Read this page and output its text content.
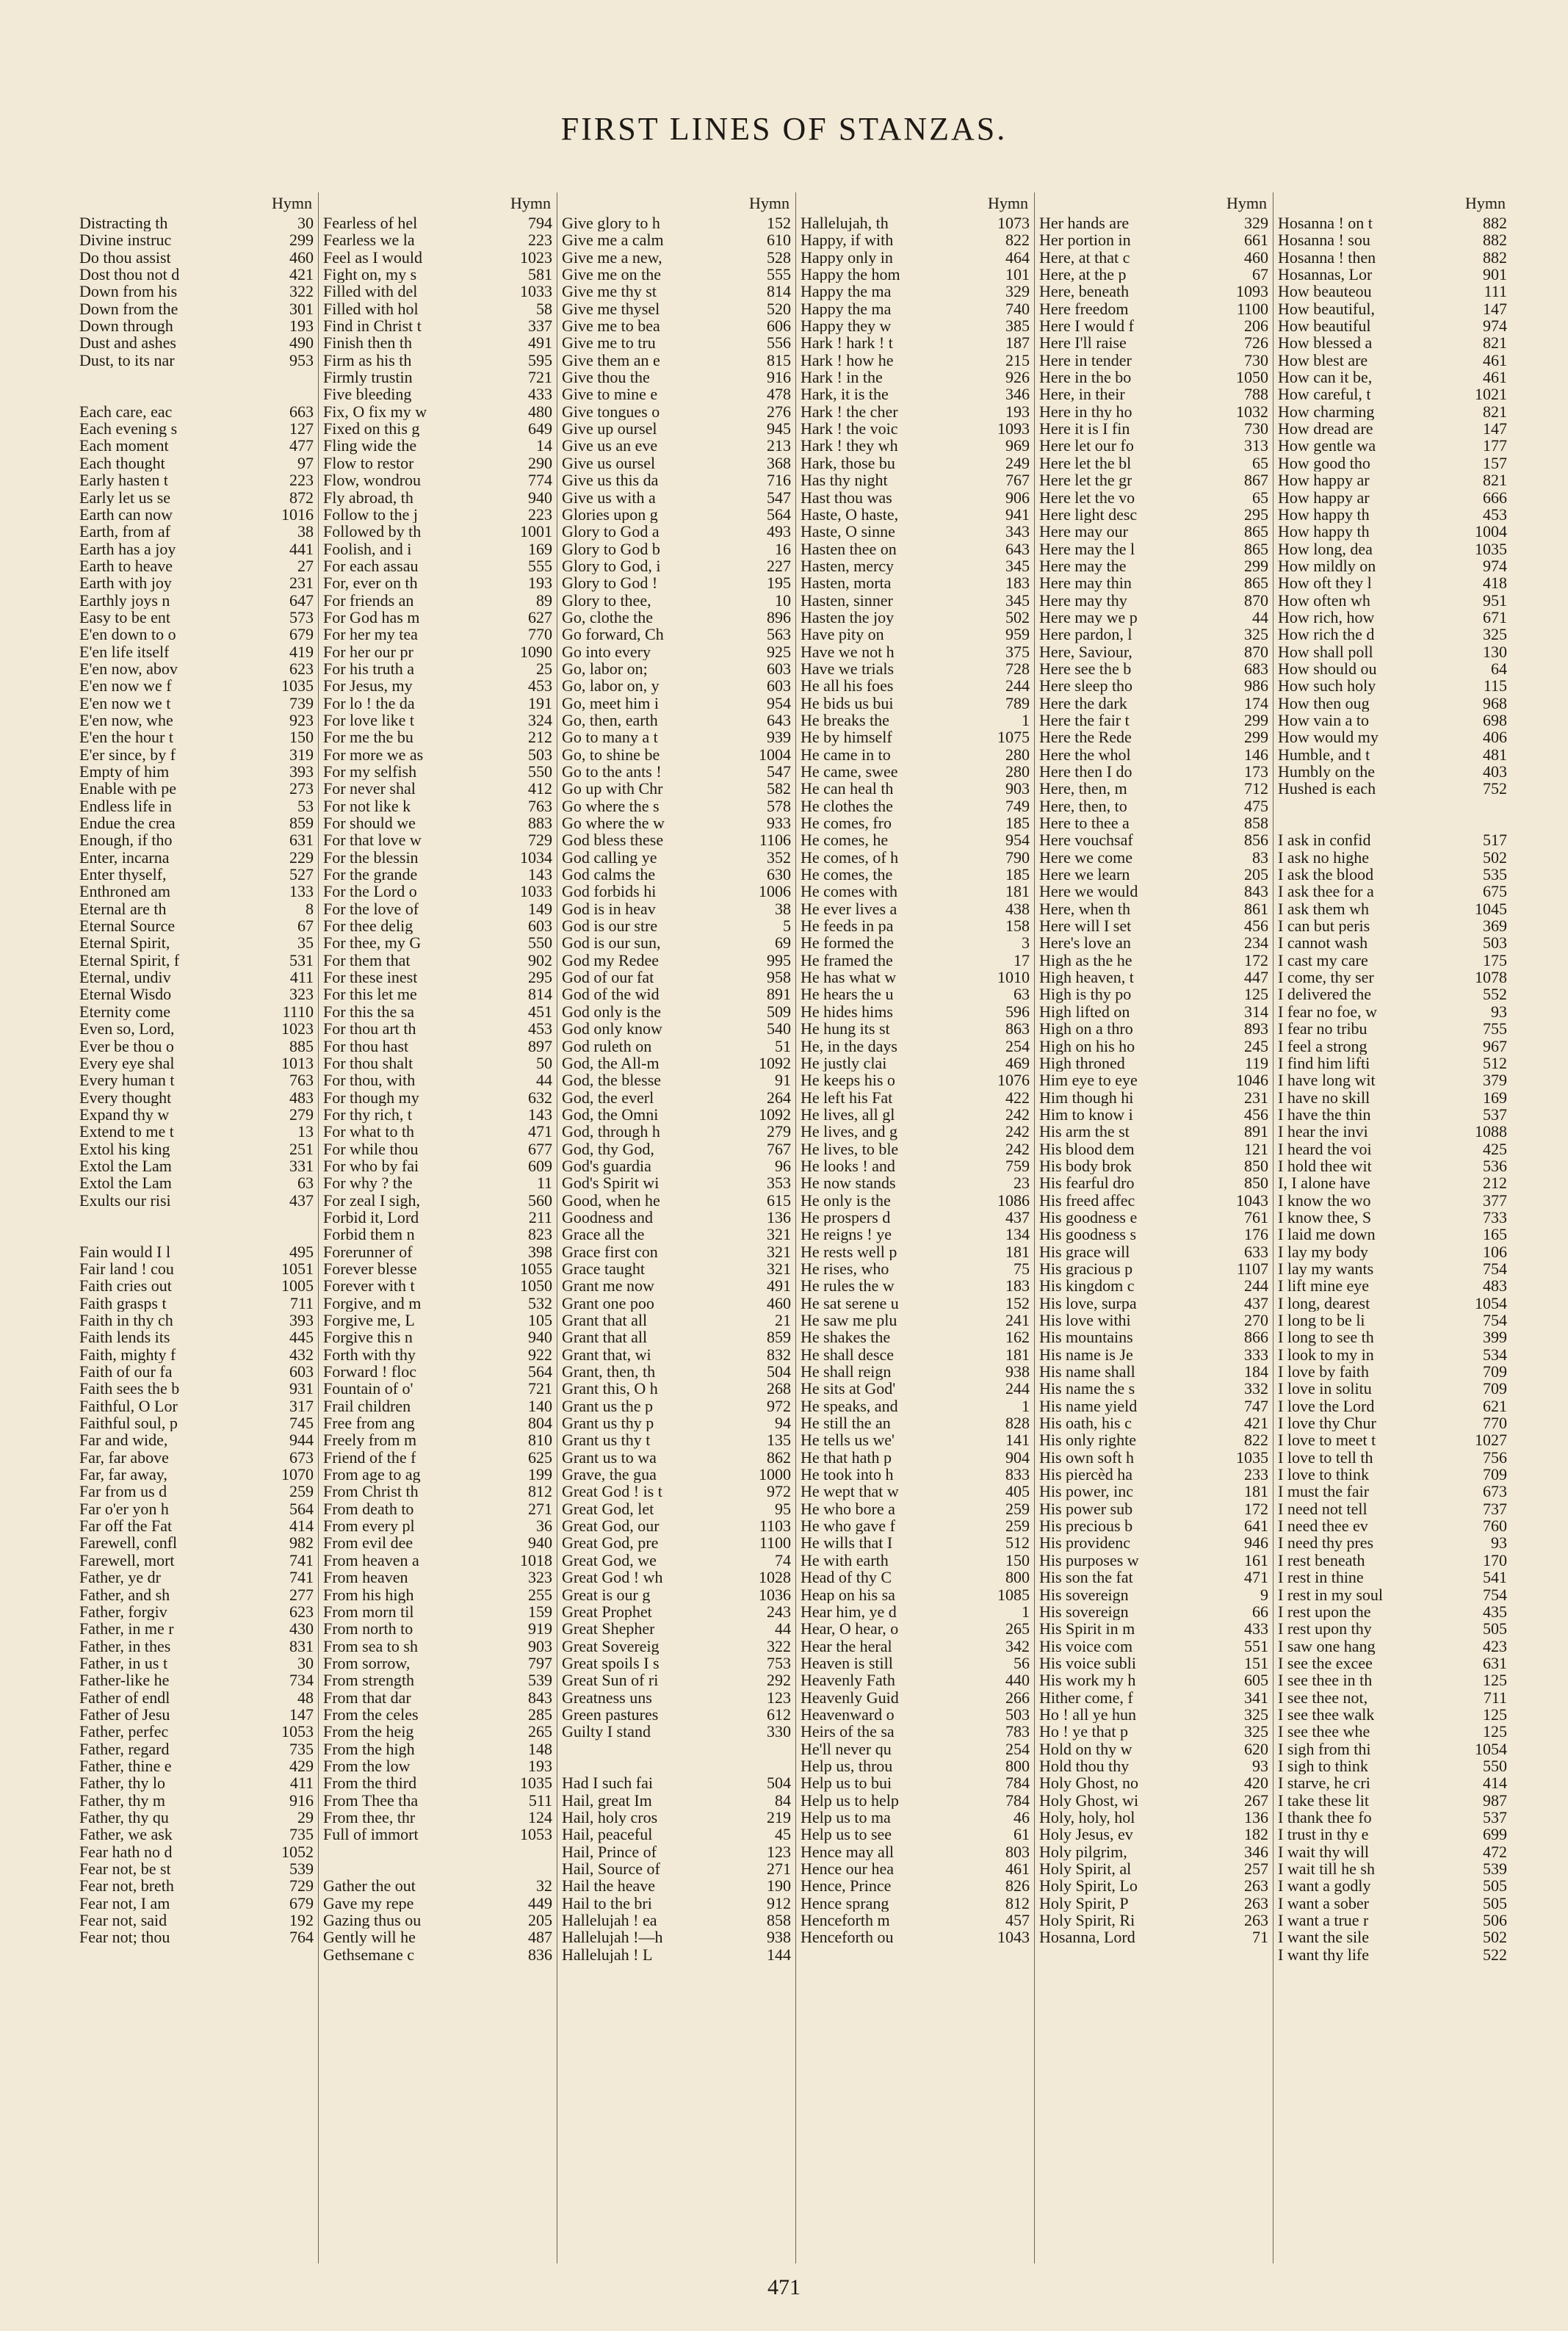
FIRST LINES OF STANZAS.
Hymn
Distracting th	30
Divine instruc	299
Do thou assist	460
Dost thou not d	421
Down from his	322
Down from the	301
Down through	193
Dust and ashes	490
Dust, to its nar	953
Each care, eac	663
Each evening s	127
Each moment	477
Each thought	97
Early hasten t	223
Early let us se	872
Earth can now	1016
Earth, from af	38
Earth has a joy	441
Earth to heave	27
Earth with joy	231
Earthly joys n	647
Easy to be ent	573
E'en down to o	679
E'en life itself	419
E'en now, abov	623
E'en now we f	1035
E'en now we t	739
E'en now, whe	923
E'en the hour t	150
E'er since, by f	319
Empty of him	393
Enable with pe	273
Endless life in	53
Endue the crea	859
Enough, if tho	631
Enter, incarna	229
Enter thyself,	527
Enthroned am	133
Eternal are th	8
Eternal Source	67
Eternal Spirit,	35
Eternal Spirit, f	531
Eternal, undiv	411
Eternal Wisdo	323
Eternity come	1110
Even so, Lord,	1023
Ever be thou o	885
Every eye shal	1013
Every human t	763
Every thought	483
Expand thy w	279
Extend to me t	13
Extol his king	251
Extol the Lam	331
Extol the Lam	63
Exults our risi	437
Fain would I l	495
Fair land ! cou	1051
Faith cries out	1005
Faith grasps t	711
Faith in thy ch	393
Faith lends its	445
Faith, mighty f	432
Faith of our fa	603
Faith sees the b	931
Faithful, O Lor	317
Faithful soul, p	745
Far and wide,	944
Far, far above	673
Far, far away,	1070
Far from us d	259
Far o'er yon h	564
Far off the Fat	414
Farewell, confl	982
Farewell, mort	741
Father, ye dr	741
Father, and sh	277
Father, forgiv	623
Father, in me r	430
Father, in thes	831
Father, in us t	30
Father-like he	734
Father of endl	48
Father of Jesu	147
Father, perfec	1053
Father, regard	735
Father, thine e	429
Father, thy lo	411
Father, thy m	916
Father, thy qu	29
Father, we ask	735
Fear hath no d	1052
Fear not, be st	539
Fear not, breth	729
Fear not, I am	679
Fear not, said	192
Fear not; thou	764
Hymn
Fearless of hel	794
Fearless we la	223
Feel as I would	1023
Fight on, my s	581
Filled with del	1033
Filled with hol	58
Find in Christ t	337
Finish then th	491
Firm as his th	595
Firmly trustin	721
Five bleeding	433
Fix, O fix my w	480
Fixed on this g	649
Fling wide the	14
Flow to restor	290
Flow, wondrou	774
Fly abroad, th	940
Follow to the j	223
Followed by th	1001
Foolish, and i	169
For each assau	555
For, ever on th	193
For friends an	89
For God has m	627
For her my tea	770
For her our pr	1090
For his truth a	25
For Jesus, my	453
For lo ! the da	191
For love like t	324
For me the bu	212
For more we as	503
For my selfish	550
For never shal	412
For not like k	763
For should we	883
For that love w	729
For the blessin	1034
For the grande	143
For the Lord o	1033
For the love of	149
For thee delig	603
For thee, my G	550
For them that	902
For these inest	295
For this let me	814
For this the sa	451
For thou art th	453
For thou hast	897
For thou shalt	50
For thou, with	44
For though my	632
For thy rich, t	143
For what to th	471
For while thou	677
For who by fai	609
For why ? the	11
For zeal I sigh,	560
Forbid it, Lord	211
Forbid them n	823
Forerunner of	398
Forever blesse	1055
Forever with t	1050
Forgive, and m	532
Forgive me, L	105
Forgive this n	940
Forth with thy	922
Forward ! floc	564
Fountain of o'	721
Frail children	140
Free from ang	804
Freely from m	810
Friend of the f	625
From age to ag	199
From Christ th	812
From death to	271
From every pl	36
From evil dee	940
From heaven a	1018
From heaven	323
From his high	255
From morn til	159
From north to	919
From sea to sh	903
From sorrow,	797
From strength	539
From that dar	843
From the celes	285
From the heig	265
From the high	148
From the low	193
From the third	1035
From Thee tha	511
From thee, thr	124
Full of immort	1053
Gather the out	32
Gave my repe	449
Gazing thus ou	205
Gently will he	487
Gethsemane c	836
Hymn
Give glory to h	152
Give me a calm	610
Give me a new,	528
Give me on the	555
Give me thy st	814
Give me thysel	520
Give me to bea	606
Give me to tru	556
Give them an e	815
Give thou the	916
Give to mine e	478
Give tongues o	276
Give up oursel	945
Give us an eve	213
Give us oursel	368
Give us this da	716
Give us with a	547
Glories upon g	564
Glory to God a	493
Glory to God b	16
Glory to God, i	227
Glory to God !	195
Glory to thee,	10
Go, clothe the	896
Go forward, Ch	563
Go into every	925
Go, labor on;	603
Go, labor on, y	603
Go, meet him i	954
Go, then, earth	643
Go to many a t	939
Go, to shine be	1004
Go to the ants !	547
Go up with Chr	582
Go where the s	578
Go where the w	933
God bless these	1106
God calling ye	352
God calms the	630
God forbids hi	1006
God is in heav	38
God is our stre	5
God is our sun,	69
God my Redee	995
God of our fat	958
God of the wid	891
God only is the	509
God only know	540
God ruleth on	51
God, the All-m	1092
God, the blesse	91
God, the everl	264
God, the Omni	1092
God, through h	279
God, thy God,	767
God's guardia	96
God's Spirit wi	353
Good, when he	615
Goodness and	136
Grace all the	321
Grace first con	321
Grace taught	321
Grant me now	491
Grant one poo	460
Grant that all	21
Grant that all	859
Grant that, wi	832
Grant, then, th	504
Grant this, O h	268
Grant us the p	972
Grant us thy p	94
Grant us thy t	135
Grant us to wa	862
Grave, the gua	1000
Great God ! is t	972
Great God, let	95
Great God, our	1103
Great God, pre	1100
Great God, we	74
Great God ! wh	1028
Great is our g	1036
Great Prophet	243
Great Shepher	44
Great Sovereig	322
Great spoils I s	753
Great Sun of ri	292
Greatness uns	123
Green pastures	612
Guilty I stand	330
Had I such fai	504
Hail, great Im	84
Hail, holy cros	219
Hail, peaceful	45
Hail, Prince of	123
Hail, Source of	271
Hail the heave	190
Hail to the bri	912
Hallelujah ! ea	858
Hallelujah !—h	938
Hallelujah ! L	144
Hymn
Hallelujah, th	1073
Happy, if with	822
Happy only in	464
Happy the hom	101
Happy the ma	329
Happy the ma	740
Happy they w	385
Hark ! hark ! t	187
Hark ! how he	215
Hark ! in the	926
Hark, it is the	346
Hark ! the cher	193
Hark ! the voic	1093
Hark ! they wh	969
Hark, those bu	249
Has thy night	767
Hast thou was	906
Haste, O haste,	941
Haste, O sinne	343
Hasten thee on	643
Hasten, mercy	345
Hasten, morta	183
Hasten, sinner	345
Hasten the joy	502
Have pity on	959
Have we not h	375
Have we trials	728
He all his foes	244
He bids us bui	789
He breaks the	1
He by himself	1075
He came in to	280
He came, swee	280
He can heal th	903
He clothes the	749
He comes, fro	185
He comes, he	954
He comes, of h	790
He comes, the	185
He comes with	181
He ever lives a	438
He feeds in pa	158
He formed the	3
He framed the	17
He has what w	1010
He hears the u	63
He hides hims	596
He hung its st	863
He, in the days	254
He justly clai	469
He keeps his o	1076
He left his Fat	422
He lives, all gl	242
He lives, and g	242
He lives, to ble	242
He looks ! and	759
He now stands	23
He only is the	1086
He prospers d	437
He reigns ! ye	134
He rests well p	181
He rises, who	75
He rules the w	183
He sat serene u	152
He saw me plu	241
He shakes the	162
He shall desce	181
He shall reign	938
He sits at God'	244
He speaks, and	1
He still the an	828
He tells us we'	141
He that hath p	904
He took into h	833
He wept that w	405
He who bore a	259
He who gave f	259
He wills that I	512
He with earth	150
Head of thy C	800
Heap on his sa	1085
Hear him, ye d	1
Hear, O hear, o	265
Hear the heral	342
Heaven is still	56
Heavenly Fath	440
Heavenly Guid	266
Heavenward o	503
Heirs of the sa	783
He'll never qu	254
Help us, throu	800
Help us to bui	784
Help us to help	784
Help us to ma	46
Help us to see	61
Hence may all	803
Hence our hea	461
Hence, Prince	826
Hence sprang	812
Henceforth m	457
Henceforth ou	1043
Hymn
Her hands are	329
Her portion in	661
Here, at that c	460
Here, at the p	67
Here, beneath	1093
Here freedom	1100
Here I would f	206
Here I'll raise	726
Here in tender	730
Here in the bo	1050
Here, in their	788
Here in thy ho	1032
Here it is I fin	730
Here let our fo	313
Here let the bl	65
Here let the gr	867
Here let the vo	65
Here light desc	295
Here may our	865
Here may the l	865
Here may the	299
Here may thin	865
Here may thy	870
Here may we p	44
Here pardon, l	325
Here, Saviour,	870
Here see the b	683
Here sleep tho	986
Here the dark	174
Here the fair t	299
Here the Rede	299
Here the whol	146
Here then I do	173
Here, then, m	712
Here, then, to	475
Here to thee a	858
Here vouchsaf	856
Here we come	83
Here we learn	205
Here we would	843
Here, when th	861
Here will I set	456
Here's love an	234
High as the he	172
High heaven, t	447
High is thy po	125
High lifted on	314
High on a thro	893
High on his ho	245
High throned	119
Him eye to eye	1046
Him though hi	231
Him to know i	456
His arm the st	891
His blood dem	121
His body brok	850
His fearful dro	850
His freed affec	1043
His goodness e	761
His goodness s	176
His grace will	633
His gracious p	1107
His kingdom c	244
His love, surpa	437
His love withi	270
His mountains	866
His name is Je	333
His name shall	184
His name the s	332
His name yield	747
His oath, his c	421
His only righte	822
His own soft h	1035
His piercèd ha	233
His power, inc	181
His power sub	172
His precious b	641
His providenc	946
His purposes w	161
His son the fat	471
His sovereign	9
His sovereign	66
His Spirit in m	433
His voice com	551
His voice subli	151
His work my h	605
Hither come, f	341
Ho ! all ye hun	325
Ho ! ye that p	325
Hold on thy w	620
Hold thou thy	93
Holy Ghost, no	420
Holy Ghost, wi	267
Holy, holy, hol	136
Holy Jesus, ev	182
Holy pilgrim,	346
Holy Spirit, al	257
Holy Spirit, Lo	263
Holy Spirit, P	263
Holy Spirit, Ri	263
Hosanna, Lord	71
Hymn
Hosanna ! on t	882
Hosanna ! sou	882
Hosanna ! then	882
Hosannas, Lor	901
How beauteou	111
How beautiful,	147
How beautiful	974
How blessed a	821
How blest are	461
How can it be,	461
How careful, t	1021
How charming	821
How dread are	147
How gentle wa	177
How good tho	157
How happy ar	821
How happy ar	666
How happy th	453
How happy th	1004
How long, dea	1035
How mildly on	974
How oft they l	418
How often wh	951
How rich, how	671
How rich the d	325
How shall poll	130
How should ou	64
How such holy	115
How then oug	968
How vain a to	698
How would my	406
Humble, and t	481
Humbly on the	403
Hushed is each	752
I ask in confid	517
I ask no highe	502
I ask the blood	535
I ask thee for a	675
I ask them wh	1045
I can but peris	369
I cannot wash	503
I cast my care	175
I come, thy ser	1078
I delivered the	552
I fear no foe, w	93
I fear no tribu	755
I feel a strong	967
I find him lifti	512
I have long wit	379
I have no skill	169
I have the thin	537
I hear the invi	1088
I heard the voi	425
I hold thee wit	536
I, I alone have	212
I know the wo	377
I know thee, S	733
I laid me down	165
I lay my body	106
I lay my wants	754
I lift mine eye	483
I long, dearest	1054
I long to be li	754
I long to see th	399
I look to my in	534
I love by faith	709
I love in solitu	709
I love the Lord	621
I love thy Chur	770
I love to meet t	1027
I love to tell th	756
I love to think	709
I must the fair	673
I need not tell	737
I need thee ev	760
I need thy pres	93
I rest beneath	170
I rest in thine	541
I rest in my soul	754
I rest upon the	435
I rest upon thy	505
I saw one hang	423
I see the excee	631
I see thee in th	125
I see thee not,	711
I see thee walk	125
I see thee whe	125
I sigh from thi	1054
I sigh to think	550
I starve, he cri	414
I take these lit	987
I thank thee fo	537
I trust in thy e	699
I wait thy will	472
I wait till he sh	539
I want a godly	505
I want a sober	505
I want a true r	506
I want the sile	502
I want thy life	522
471
